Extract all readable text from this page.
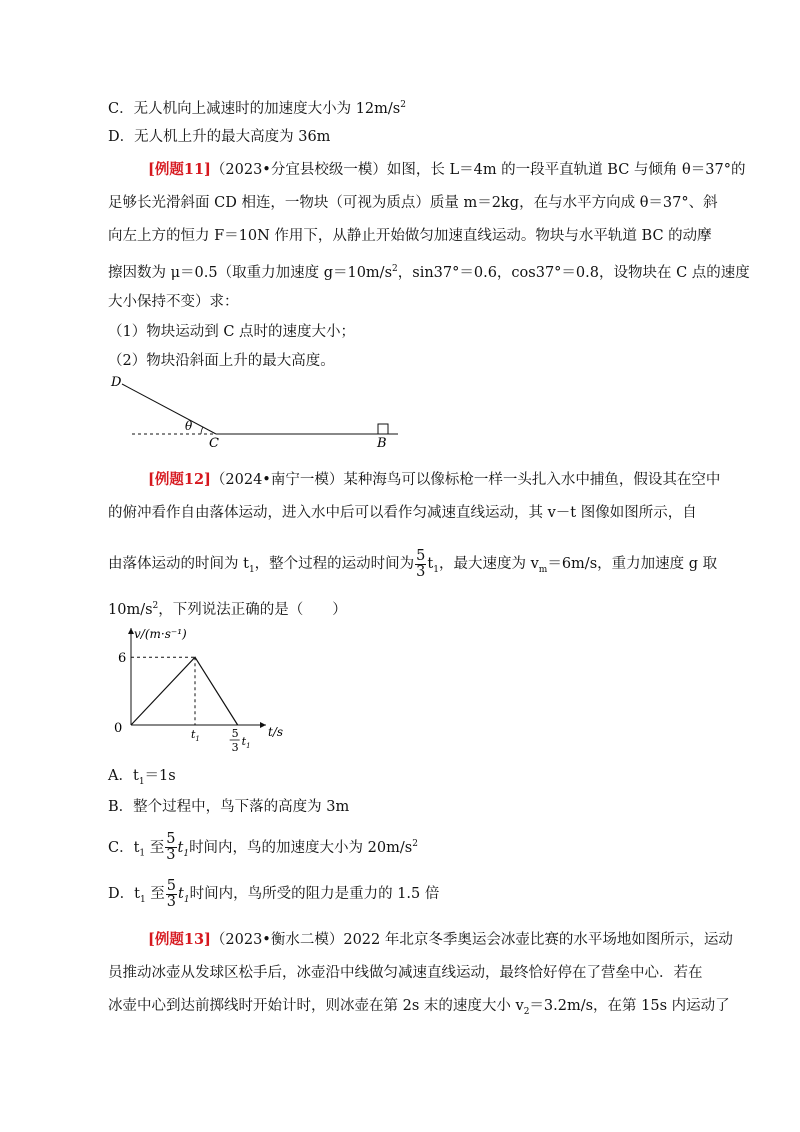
C．无人机向上减速时的加速度大小为 $12m/s^2$
D．无人机上升的最大高度为 36m
[例题11]（2023•分宜县校级一模）如图，长 L＝4m 的一段平直轨道 BC 与倾角 θ＝37°的
足够长光滑斜面 CD 相连，一物块（可视为质点）质量 m＝2kg，在与水平方向成 θ＝37°、斜
向左上方的恒力 F＝10N 作用下，从静止开始做匀加速直线运动。物块与水平轨道 BC 的动摩
擦因数为 μ＝0.5（取重力加速度 $g=10m/s^2$，sin37°＝0.6，cos37°＝0.8，设物块在 C 点的速度
大小保持不变）求：
（1）物块运动到 C 点时的速度大小；
（2）物块沿斜面上升的最大高度。
D
C	B
θ
[例题12]（2024•南宁一模）某种海鸟可以像标枪一样一头扎入水中捕鱼，假设其在空中
的俯冲看作自由落体运动，进入水中后可以看作匀减速直线运动，其 v－t 图像如图所示，自
由落体运动的时间为 $t_1$，整个过程的运动时间为 $\frac{5}{3} t_1$，最大速度为 $v_m=6m/s$，重力加速度 g 取
$10m/s^2$，下列说法正确的是（　　）
v/(m·s⁻¹)
t/s
0
6
$t_1$	5
3 $t_1$
A．$t_1=1s$
B．整个过程中，鸟下落的高度为 3m
C．$t_1$ 至 $\frac{5}{3} t_1$时间内，鸟的加速度大小为 $20m/s^2$
D．$t_1$ 至 $\frac{5}{3} t_1$时间内，鸟所受的阻力是重力的 1.5 倍
[例题13]（2023•衡水二模）2022 年北京冬季奥运会冰壶比赛的水平场地如图所示，运动
员推动冰壶从发球区松手后，冰壶沿中线做匀减速直线运动，最终恰好停在了营垒中心．若在
冰壶中心到达前掷线时开始计时，则冰壶在第 2s 末的速度大小 $v_2=3.2m/s$，在第 15s 内运动了
